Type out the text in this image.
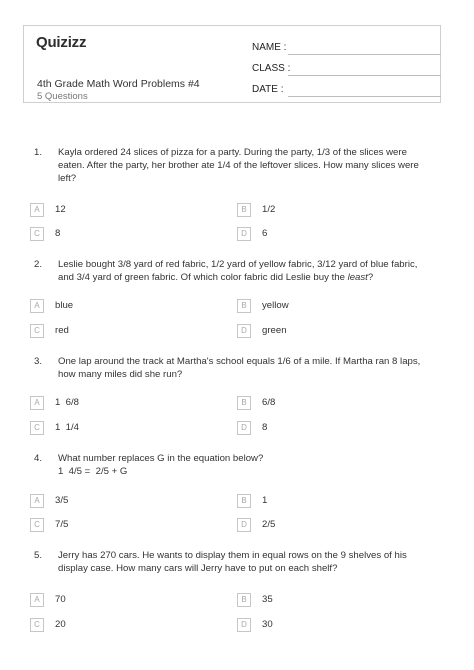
Quizizz
4th Grade Math Word Problems #4
5 Questions
NAME :
CLASS :
DATE :
1. Kayla ordered 24 slices of pizza for a party. During the party, 1/3 of the slices were eaten. After the party, her brother ate 1/4 of the leftover slices. How many slices were left?
A	12	B	1/2
C	8	D	6
2. Leslie bought 3/8 yard of red fabric, 1/2 yard of yellow fabric, 3/12 yard of blue fabric, and 3/4 yard of green fabric. Of which color fabric did Leslie buy the least?
A	blue	B	yellow
C	red	D	green
3. One lap around the track at Martha's school equals 1/6 of a mile. If Martha ran 8 laps, how many miles did she run?
A	1  6/8	B	6/8
C	1  1/4	D	8
4. What number replaces G in the equation below?
1  4/5 =  2/5 + G
A	3/5	B	1
C	7/5	D	2/5
5. Jerry has 270 cars. He wants to display them in equal rows on the 9 shelves of his display case. How many cars will Jerry have to put on each shelf?
A	70	B	35
C	20	D	30
